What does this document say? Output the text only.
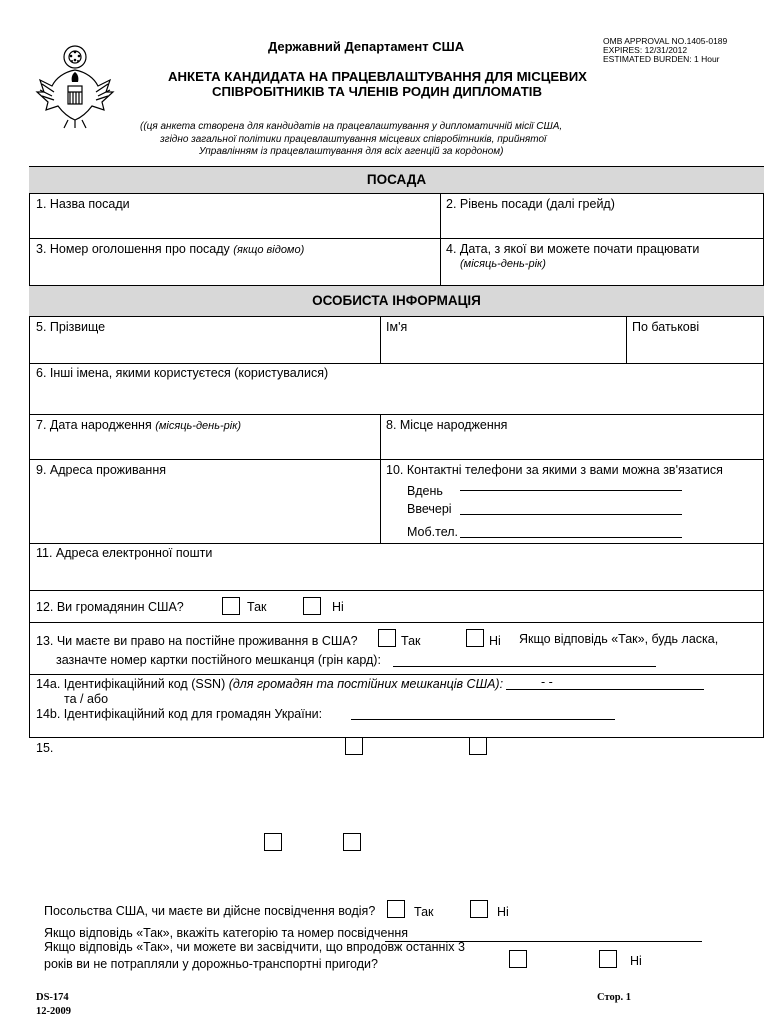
Державний Департамент США
АНКЕТА КАНДИДАТА НА ПРАЦЕВЛАШТУВАННЯ ДЛЯ МІСЦЕВИХ
СПІВРОБІТНИКІВ ТА ЧЛЕНІВ РОДИН ДИПЛОМАТІВ
OMB APPROVAL NO.1405-0189
EXPIRES: 12/31/2012
ESTIMATED BURDEN: 1 Hour
((ця анкета створена для кандидатів на працевлаштування у дипломатичній місії США,
згідно загальної політики працевлаштування місцевих співробітників, прийнятої
Управлінням із працевлаштування для всіх агенцій за кордоном)
ПОСАДА
1. Назва посади	2. Рівень посади (далі грейд)
3. Номер оголошення про посаду (якщо відомо)	4. Дата, з якої ви можете почати працювати
(місяць-день-рік)
ОСОБИСТА ІНФОРМАЦІЯ
5. Прізвище	Ім'я	По батькові
6. Інші імена, якими користуєтеся (користувалися)
7. Дата народження (місяць-день-рік)	8. Місце народження
9. Адреса проживання	10. Контактні телефони за якими з вами можна зв'язатися
Вдень
Ввечері
Моб.тел.
11. Адреса електронної пошти
12. Ви громадянин США?	Так	Ні
13. Чи маєте ви право на постійне проживання в США?	Так	Ні Якщо відповідь «Так», будь ласка,
зазначте номер картки постійного мешканця (грін кард):
14a. Ідентифікаційний код (SSN) (для громадян та постійних мешканців США):	- -
та / або
14b. Ідентифікаційний код для громадян України:
15.
Посольства США, чи маєте ви дійсне посвідчення водія?	Так	Ні
Якщо відповідь «Так», вкажіть категорію та номер посвідчення
Якщо відповідь «Так», чи можете ви засвідчити, що впродовж останніх 3
років ви не потрапляли у дорожньо-транспортні пригоди?	Ні
DS-174
12-2009
Стор. 1
